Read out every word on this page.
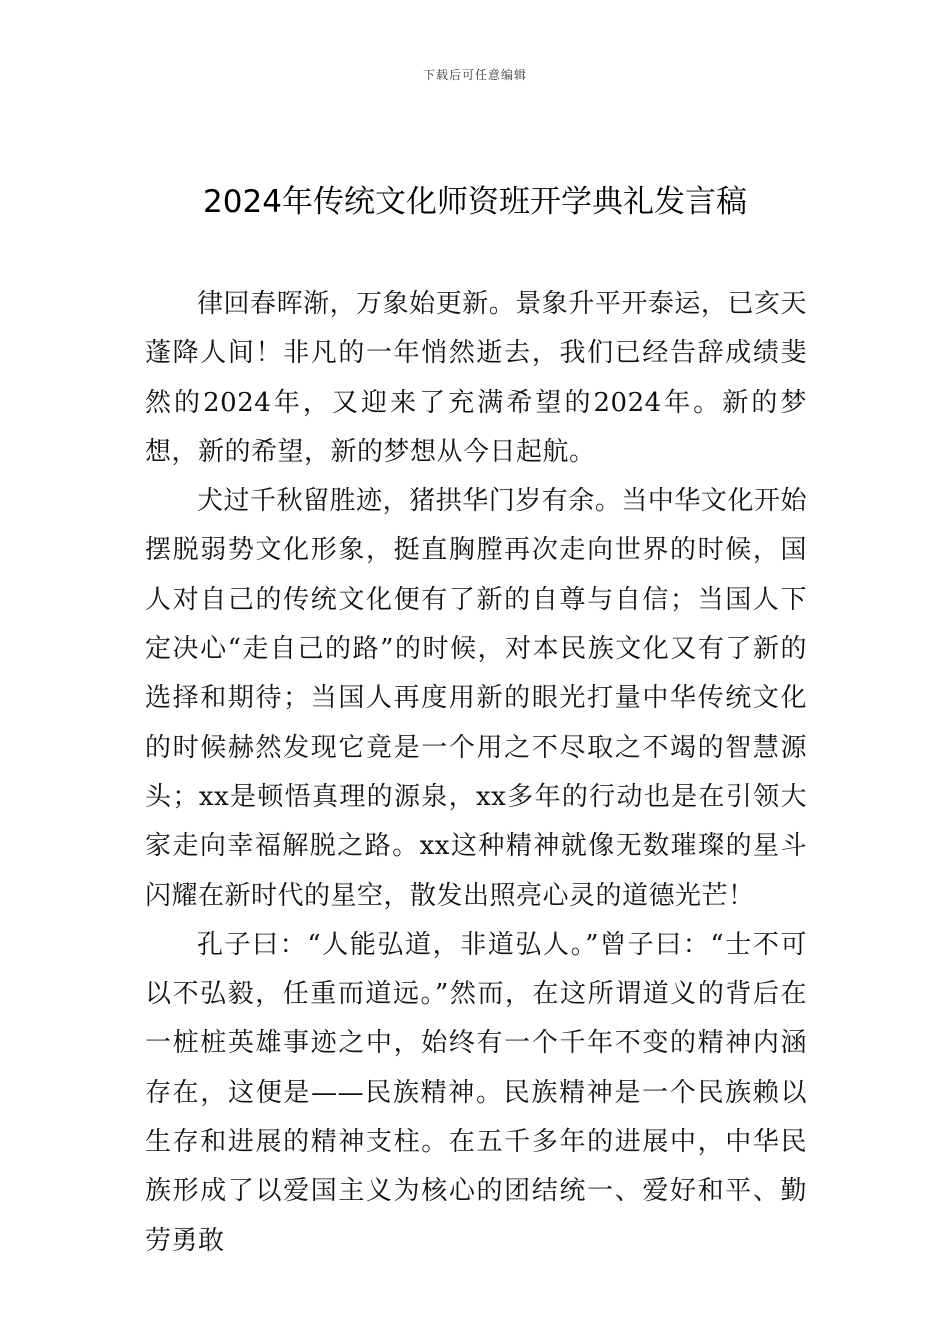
下载后可任意编辑
2024年传统文化师资班开学典礼发言稿

律回春晖渐，万象始更新。景象升平开泰运，已亥天蓬降人间！非凡的一年悄然逝去，我们已经告辞成绩斐然的2024年，又迎来了充满希望的2024年。新的梦想，新的希望，新的梦想从今日起航。

犬过千秋留胜迹，猪拱华门岁有余。当中华文化开始摆脱弱势文化形象，挺直胸膛再次走向世界的时候，国人对自己的传统文化便有了新的自尊与自信；当国人下定决心“走自己的路”的时候，对本民族文化又有了新的选择和期待；当国人再度用新的眼光打量中华传统文化的时候赫然发现它竟是一个用之不尽取之不竭的智慧源头；xx是顿悟真理的源泉，xx多年的行动也是在引领大家走向幸福解脱之路。xx这种精神就像无数璀璨的星斗闪耀在新时代的星空，散发出照亮心灵的道德光芒！

孔子曰：“人能弘道，非道弘人。”曾子曰：“士不可以不弘毅，任重而道远。”然而，在这所谓道义的背后在一桩桩英雄事迹之中，始终有一个千年不变的精神内涵存在，这便是——民族精神。民族精神是一个民族赖以生存和进展的精神支柱。在五千多年的进展中，中华民族形成了以爱国主义为核心的团结统一、爱好和平、勤劳勇敢
